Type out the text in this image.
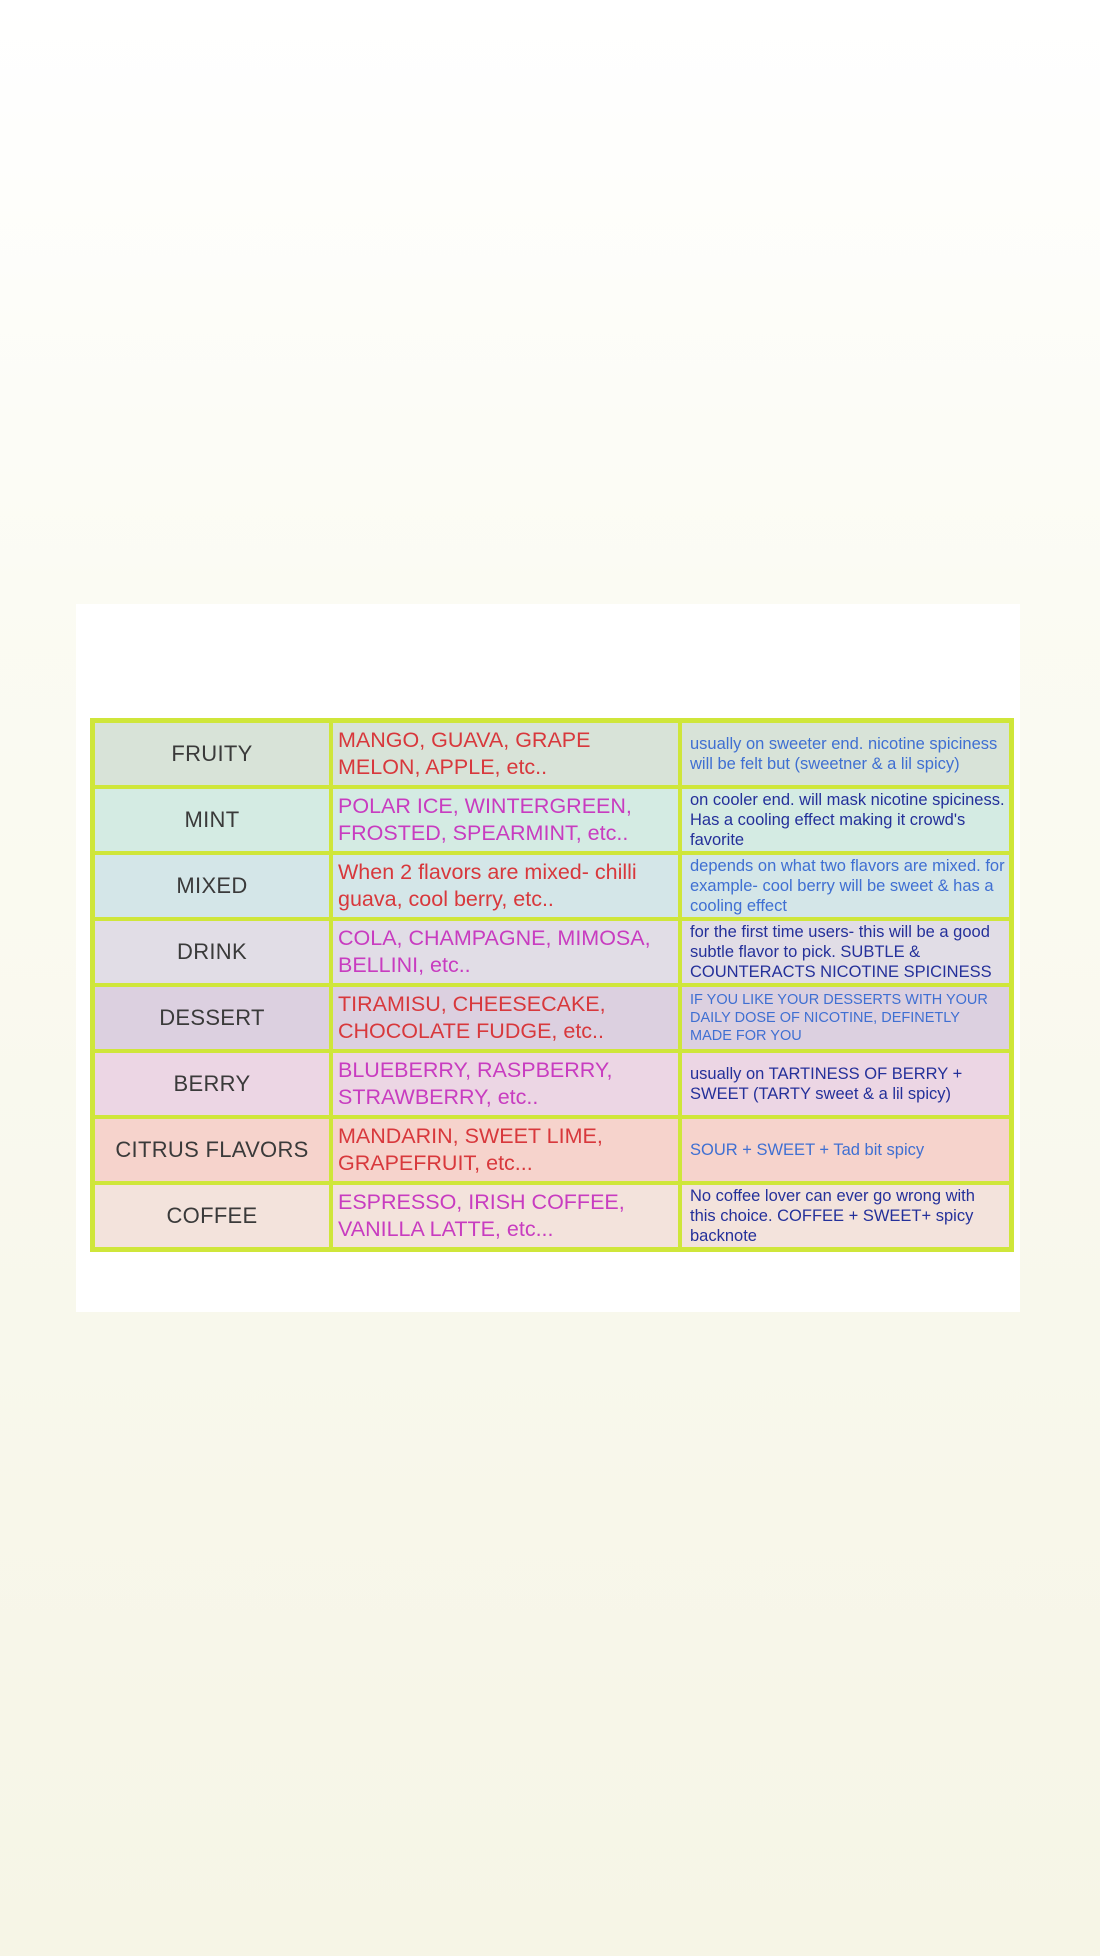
FRUITY
MANGO, GUAVA, GRAPE MELON, APPLE, etc..
usually on sweeter end. nicotine spiciness will be felt but (sweetner & a lil spicy)
MINT
POLAR ICE, WINTERGREEN, FROSTED, SPEARMINT, etc..
on cooler end. will mask nicotine spiciness. Has a cooling effect making it crowd's favorite
MIXED
When 2 flavors are mixed- chilli guava, cool berry, etc..
depends on what two flavors are mixed. for example- cool berry will be sweet & has a cooling effect
DRINK
COLA, CHAMPAGNE, MIMOSA, BELLINI, etc..
for the first time users- this will be a good subtle flavor to pick. SUBTLE & COUNTERACTS NICOTINE SPICINESS
DESSERT
TIRAMISU, CHEESECAKE, CHOCOLATE FUDGE, etc..
IF YOU LIKE YOUR DESSERTS WITH YOUR DAILY DOSE OF NICOTINE, DEFINETLY MADE FOR YOU
BERRY
BLUEBERRY, RASPBERRY, STRAWBERRY, etc..
usually on TARTINESS OF BERRY + SWEET (TARTY sweet & a lil spicy)
CITRUS FLAVORS
MANDARIN, SWEET LIME, GRAPEFRUIT, etc...
SOUR + SWEET + Tad bit spicy
COFFEE
ESPRESSO, IRISH COFFEE, VANILLA LATTE, etc...
No coffee lover can ever go wrong with this choice. COFFEE + SWEET+ spicy backnote
